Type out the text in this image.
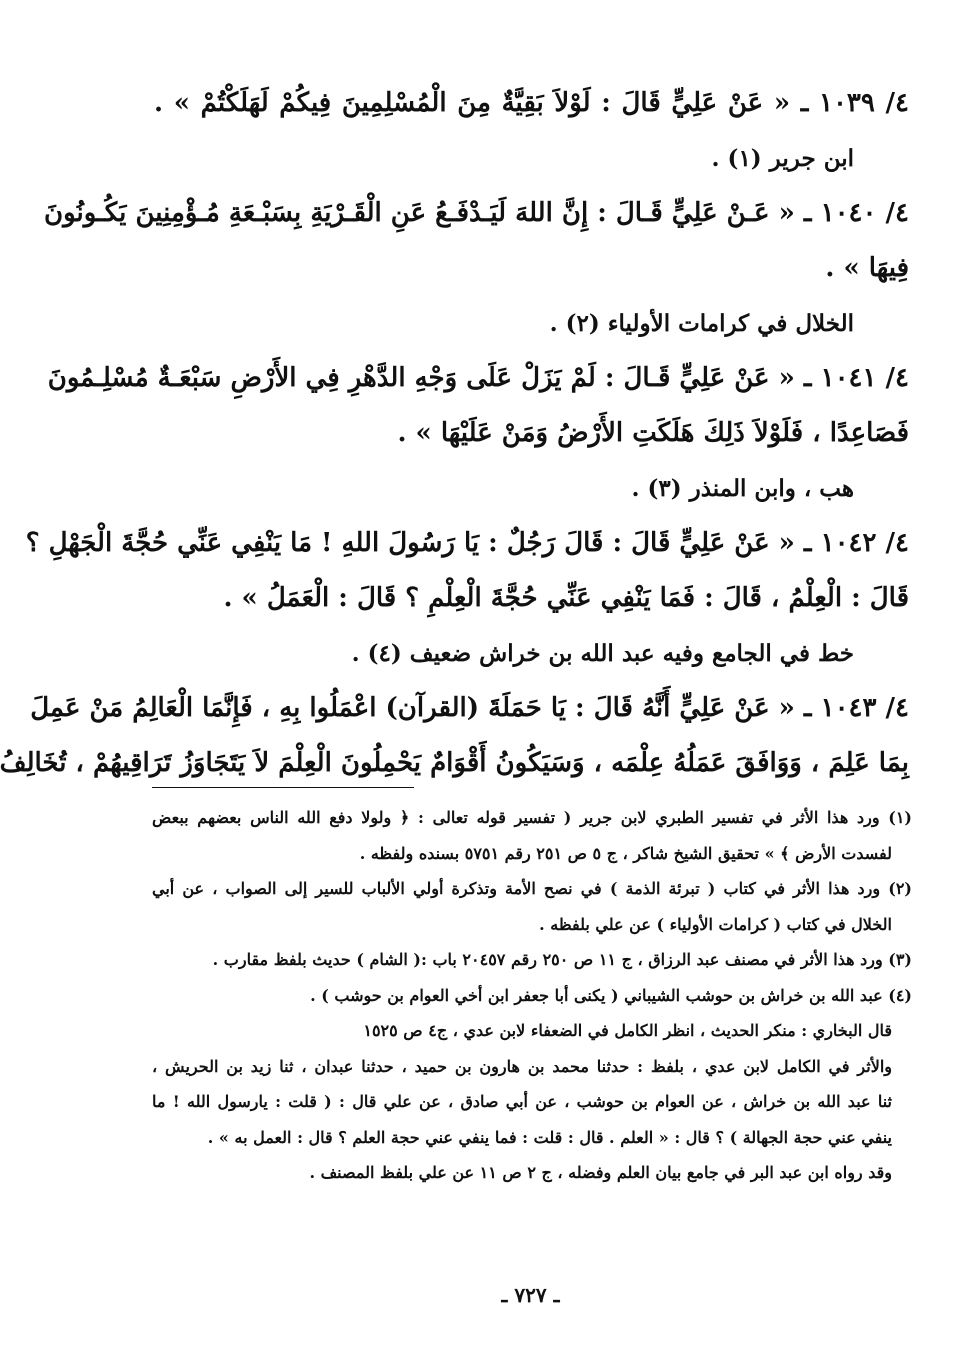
٤/ ١٠٣٩ ـ « عَنْ عَلِيٍّ قَالَ : لَوْلاَ بَقِيَّةٌ مِنَ الْمُسْلِمِينَ فِيكُمْ لَهَلَكْتُمْ » .
ابن جرير (١) .
٤/ ١٠٤٠ ـ « عَـنْ عَلِيٍّ قَـالَ : إِنَّ اللهَ لَيَـدْفَـعُ عَنِ الْقَـرْيَةِ بِسَبْـعَةِ مُـؤْمِنِينَ يَكُـونُونَ
فِيهَا » .
الخلال في كرامات الأولياء (٢) .
٤/ ١٠٤١ ـ « عَنْ عَلِيٍّ قَـالَ : لَمْ يَزَلْ عَلَى وَجْهِ الدَّهْرِ فِي الأَرْضِ سَبْعَـةٌ مُسْلِـمُونَ
فَصَاعِدًا ، فَلَوْلاَ ذَلِكَ هَلَكَتِ الأَرْضُ وَمَنْ عَلَيْهَا » .
هب ، وابن المنذر (٣) .
٤/ ١٠٤٢ ـ « عَنْ عَلِيٍّ قَالَ : قَالَ رَجُلٌ : يَا رَسُولَ اللهِ ! مَا يَنْفِي عَنِّي حُجَّةَ الْجَهْلِ ؟
قَالَ : الْعِلْمُ ، قَالَ : فَمَا يَنْفِي عَنِّي حُجَّةَ الْعِلْمِ ؟ قَالَ : الْعَمَلُ » .
خط في الجامع وفيه عبد الله بن خراش ضعيف (٤) .
٤/ ١٠٤٣ ـ « عَنْ عَلِيٍّ أَنَّهُ قَالَ : يَا حَمَلَةَ (القرآن) اعْمَلُوا بِهِ ، فَإِنَّمَا الْعَالِمُ مَنْ عَمِلَ
بِمَا عَلِمَ ، وَوَافَقَ عَمَلُهُ عِلْمَه ، وَسَيَكُونُ أَقْوَامٌ يَحْمِلُونَ الْعِلْمَ لاَ يَتَجَاوَزُ تَرَاقِيهُمْ ، تُخَالِفُ
(١) ورد هذا الأثر في تفسير الطبري لابن جرير ( تفسير قوله تعالى : ﴿ ولولا دفع الله الناس بعضهم ببعض
لفسدت الأرض ﴾ » تحقيق الشيخ شاكر ، ج ٥ ص ٢٥١ رقم ٥٧٥١ بسنده ولفظه .
(٢) ورد هذا الأثر في كتاب ( تبرئة الذمة ) في نصح الأمة وتذكرة أولي الألباب للسير إلى الصواب ، عن أبي
الخلال في كتاب ( كرامات الأولياء ) عن علي بلفظه .
(٣) ورد هذا الأثر في مصنف عبد الرزاق ، ج ١١ ص ٢٥٠ رقم ٢٠٤٥٧ باب :( الشام ) حديث بلفظ مقارب .
(٤) عبد الله بن خراش بن حوشب الشيباني ( يكنى أبا جعفر ابن أخي العوام بن حوشب ) .
قال البخاري : منكر الحديث ، انظر الكامل في الضعفاء لابن عدي ، ج٤ ص ١٥٢٥
والأثر في الكامل لابن عدي ، بلفظ : حدثنا محمد بن هارون بن حميد ، حدثنا عبدان ، ثنا زيد بن الحريش ،
ثنا عبد الله بن خراش ، عن العوام بن حوشب ، عن أبي صادق ، عن علي قال : ( قلت : يارسول الله ! ما
ينفي عني حجة الجهالة ) ؟ قال : « العلم . قال : قلت : فما ينفي عني حجة العلم ؟ قال : العمل به » .
وقد رواه ابن عبد البر في جامع بيان العلم وفضله ، ج ٢ ص ١١ عن علي بلفظ المصنف .
ـ ٧٢٧ ـ
